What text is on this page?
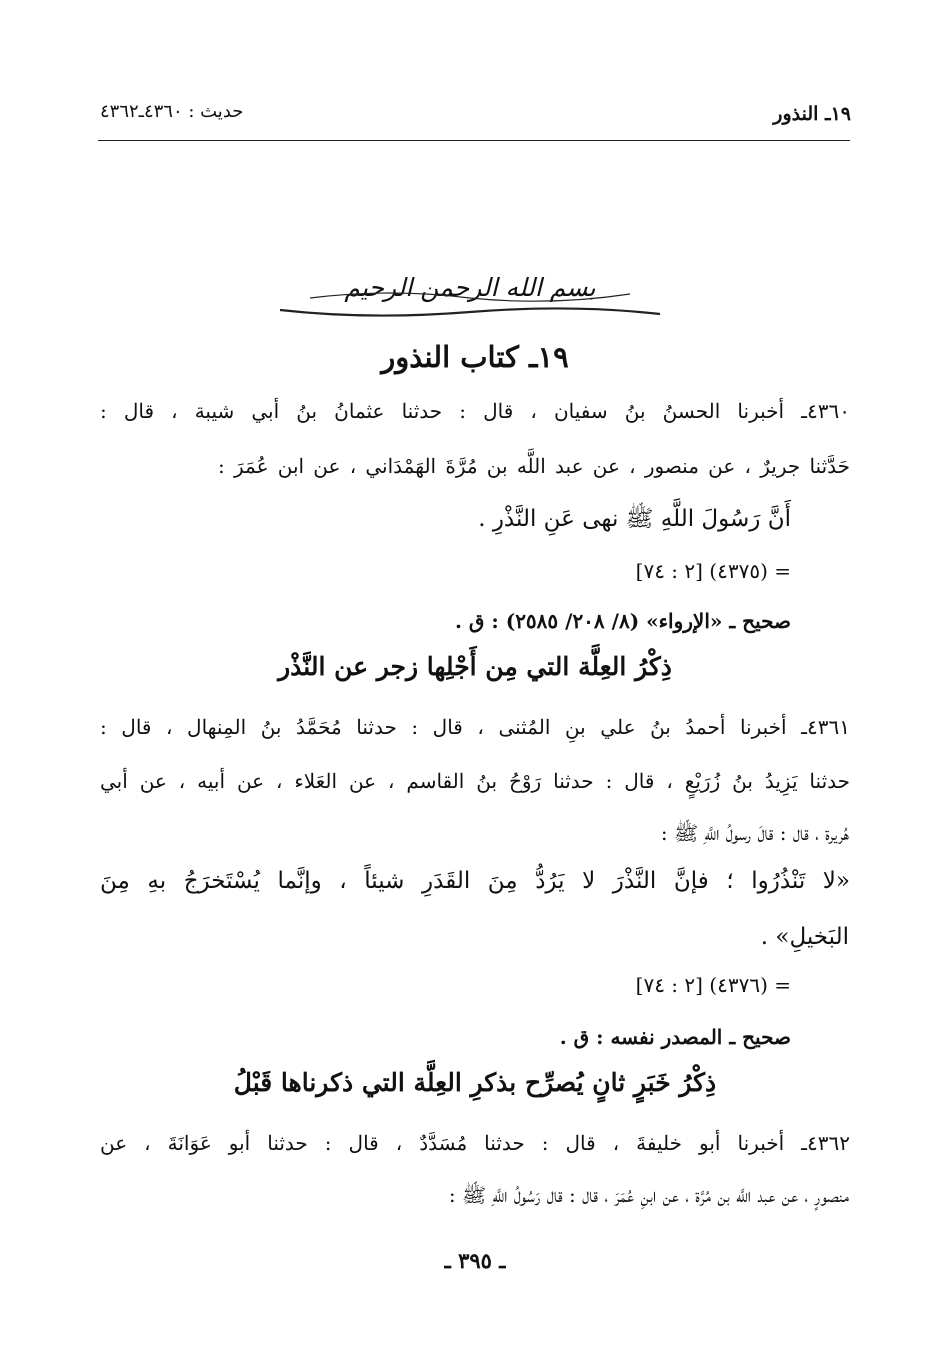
١٩ـ النذور
حديث : ٤٣٦٠ـ٤٣٦٢
بسم الله الرحمن الرحيم
١٩ـ كتاب النذور
٤٣٦٠ـ أخبرنا الحسنُ بنُ سفيان ، قال : حدثنا عثمانُ بنُ أبي شيبة ، قال :
حَدَّثنا جريرٌ ، عن منصور ، عن عبد اللَّه بن مُرَّةَ الهَمْدَاني ، عن ابن عُمَرَ :
أَنَّ رَسُولَ اللَّهِ ﷺ نهى عَنِ النَّذْرِ .
= (٤٣٧٥) [٢ : ٧٤]
صحيح ـ «الإرواء» (٨/ ٢٠٨/ ٢٥٨٥) : ق .
ذِكْرُ العِلَّة التي مِن أَجْلِها زجر عن النَّذْر
٤٣٦١ـ أخبرنا أحمدُ بنُ علي بنِ المُثنى ، قال : حدثنا مُحَمَّدُ بنُ المِنهال ، قال :
حدثنا يَزِيدُ بنُ زُرَيْعٍ ، قال : حدثنا رَوْحُ بنُ القاسم ، عن العَلاء ، عن أبيه ، عن أبي
هُريرة ، قال : قالَ رسولُ اللَّهِ ﷺ :
«لا تَنْذُرُوا ؛ فإنَّ النَّذْرَ لا يَرُدُّ مِنَ القَدَرِ شيئاً ، وإنَّما يُسْتَخرَجُ بهِ مِنَ
البَخيلِ» .
= (٤٣٧٦) [٢ : ٧٤]
صحيح ـ المصدر نفسه : ق .
ذِكْرُ خَبَرٍ ثانٍ يُصرِّح بذكرِ العِلَّة التي ذكرناها قَبْلُ
٤٣٦٢ـ أخبرنا أبو خليفةَ ، قال : حدثنا مُسَدَّدٌ ، قال : حدثنا أبو عَوَانَةَ ، عن
منصورٍ ، عن عبد اللَّه بن مُرَّة ، عن ابنِ عُمَرَ ، قال : قال رَسُولُ اللَّهِ ﷺ :
ـ ٣٩٥ ـ
